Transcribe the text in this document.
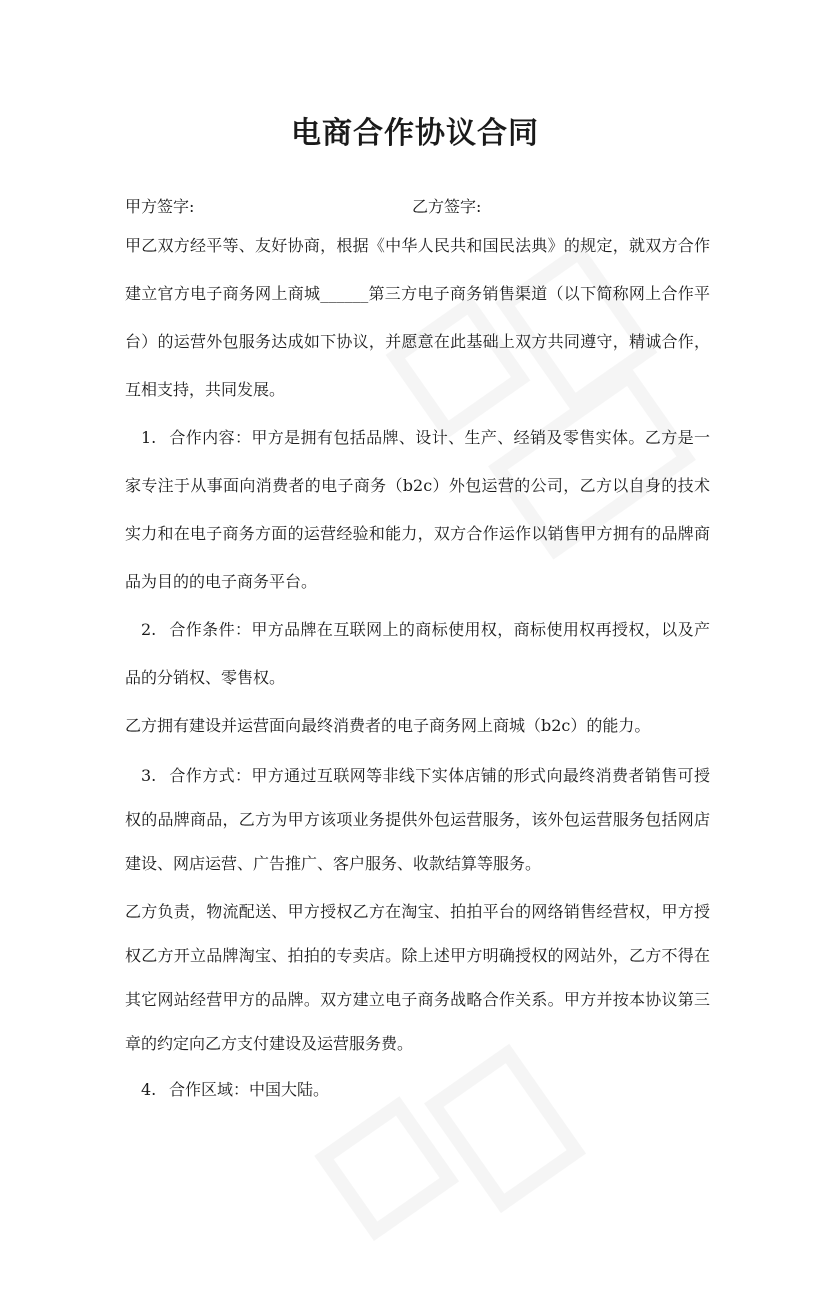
电商合作协议合同
甲方签字:	乙方签字:

甲乙双方经平等、友好协商，根据《中华人民共和国民法典》的规定，就双方合作建立官方电子商务网上商城______第三方电子商务销售渠道（以下简称网上合作平台）的运营外包服务达成如下协议，并愿意在此基础上双方共同遵守，精诚合作，互相支持，共同发展。

1. 合作内容：甲方是拥有包括品牌、设计、生产、经销及零售实体。乙方是一家专注于从事面向消费者的电子商务（b2c）外包运营的公司，乙方以自身的技术实力和在电子商务方面的运营经验和能力，双方合作运作以销售甲方拥有的品牌商品为目的的电子商务平台。

2. 合作条件：甲方品牌在互联网上的商标使用权，商标使用权再授权，以及产品的分销权、零售权。

乙方拥有建设并运营面向最终消费者的电子商务网上商城（b2c）的能力。

3. 合作方式：甲方通过互联网等非线下实体店铺的形式向最终消费者销售可授权的品牌商品，乙方为甲方该项业务提供外包运营服务，该外包运营服务包括网店建设、网店运营、广告推广、客户服务、收款结算等服务。

乙方负责，物流配送、甲方授权乙方在淘宝、拍拍平台的网络销售经营权，甲方授权乙方开立品牌淘宝、拍拍的专卖店。除上述甲方明确授权的网站外，乙方不得在其它网站经营甲方的品牌。双方建立电子商务战略合作关系。甲方并按本协议第三章的约定向乙方支付建设及运营服务费。

4. 合作区域：中国大陆。
